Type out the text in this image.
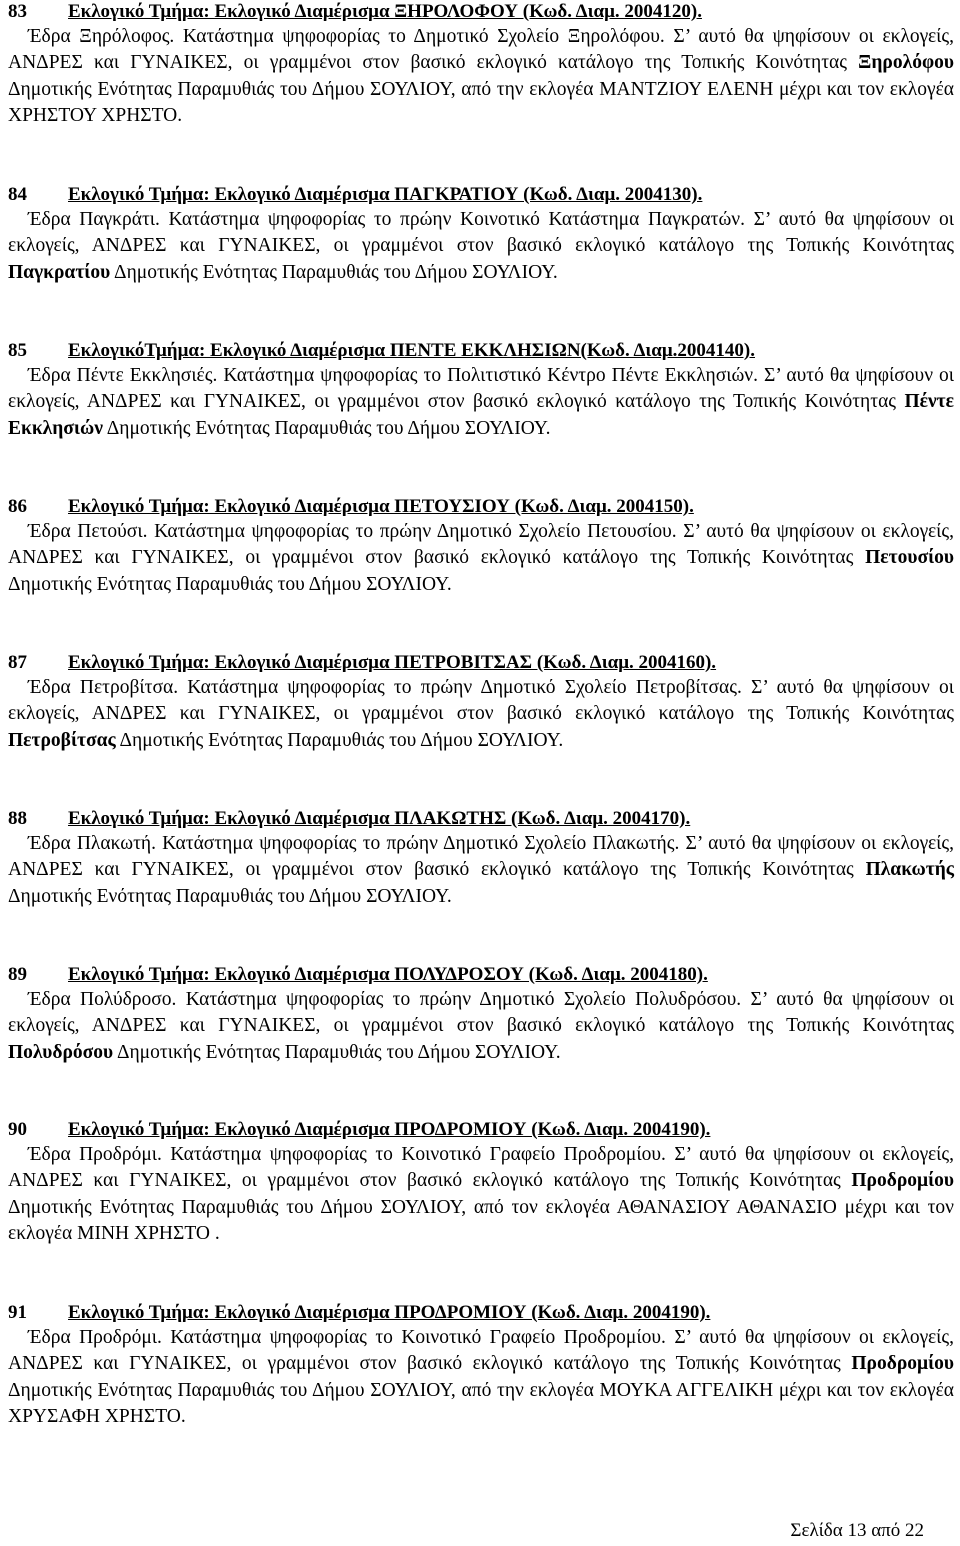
83 Εκλογικό Τμήμα: Εκλογικό Διαμέρισμα ΞΗΡΟΛΟΦΟΥ (Κωδ. Διαμ. 2004120).

Έδρα Ξηρόλοφος. Κατάστημα ψηφοφορίας το Δημοτικό Σχολείο Ξηρολόφου. Σ’ αυτό θα ψηφίσουν οι εκλογείς, ΑΝΔΡΕΣ και ΓΥΝΑΙΚΕΣ, οι γραμμένοι στον βασικό εκλογικό κατάλογο της Τοπικής Κοινότητας Ξηρολόφου Δημοτικής Ενότητας Παραμυθιάς του Δήμου ΣΟΥΛΙΟΥ, από την εκλογέα ΜΑΝΤΖΙΟΥ ΕΛΕΝΗ μέχρι και τον εκλογέα ΧΡΗΣΤΟΥ ΧΡΗΣΤΟ.

84 Εκλογικό Τμήμα: Εκλογικό Διαμέρισμα ΠΑΓΚΡΑΤΙΟΥ (Κωδ. Διαμ. 2004130).

Έδρα Παγκράτι. Κατάστημα ψηφοφορίας το πρώην Κοινοτικό Κατάστημα Παγκρατών. Σ’ αυτό θα ψηφίσουν οι εκλογείς, ΑΝΔΡΕΣ και ΓΥΝΑΙΚΕΣ, οι γραμμένοι στον βασικό εκλογικό κατάλογο της Τοπικής Κοινότητας Παγκρατίου Δημοτικής Ενότητας Παραμυθιάς του Δήμου ΣΟΥΛΙΟΥ.

85 ΕκλογικόΤμήμα: Εκλογικό Διαμέρισμα ΠΕΝΤΕ ΕΚΚΛΗΣΙΩΝ(Κωδ. Διαμ.2004140).

Έδρα Πέντε Εκκλησιές. Κατάστημα ψηφοφορίας το Πολιτιστικό Κέντρο Πέντε Εκκλησιών. Σ’ αυτό θα ψηφίσουν οι εκλογείς, ΑΝΔΡΕΣ και ΓΥΝΑΙΚΕΣ, οι γραμμένοι στον βασικό εκλογικό κατάλογο της Τοπικής Κοινότητας Πέντε Εκκλησιών Δημοτικής Ενότητας Παραμυθιάς του Δήμου ΣΟΥΛΙΟΥ.

86 Εκλογικό Τμήμα: Εκλογικό Διαμέρισμα ΠΕΤΟΥΣΙΟΥ (Κωδ. Διαμ. 2004150).

Έδρα Πετούσι. Κατάστημα ψηφοφορίας το πρώην Δημοτικό Σχολείο Πετουσίου. Σ’ αυτό θα ψηφίσουν οι εκλογείς, ΑΝΔΡΕΣ και ΓΥΝΑΙΚΕΣ, οι γραμμένοι στον βασικό εκλογικό κατάλογο της Τοπικής Κοινότητας Πετουσίου Δημοτικής Ενότητας Παραμυθιάς του Δήμου ΣΟΥΛΙΟΥ.

87 Εκλογικό Τμήμα: Εκλογικό Διαμέρισμα ΠΕΤΡΟΒΙΤΣΑΣ (Κωδ. Διαμ. 2004160).

Έδρα Πετροβίτσα. Κατάστημα ψηφοφορίας το πρώην Δημοτικό Σχολείο Πετροβίτσας. Σ’ αυτό θα ψηφίσουν οι εκλογείς, ΑΝΔΡΕΣ και ΓΥΝΑΙΚΕΣ, οι γραμμένοι στον βασικό εκλογικό κατάλογο της Τοπικής Κοινότητας Πετροβίτσας Δημοτικής Ενότητας Παραμυθιάς του Δήμου ΣΟΥΛΙΟΥ.

88 Εκλογικό Τμήμα: Εκλογικό Διαμέρισμα ΠΛΑΚΩΤΗΣ (Κωδ. Διαμ. 2004170).

Έδρα Πλακωτή. Κατάστημα ψηφοφορίας το πρώην Δημοτικό Σχολείο Πλακωτής. Σ’ αυτό θα ψηφίσουν οι εκλογείς, ΑΝΔΡΕΣ και ΓΥΝΑΙΚΕΣ, οι γραμμένοι στον βασικό εκλογικό κατάλογο της Τοπικής Κοινότητας Πλακωτής Δημοτικής Ενότητας Παραμυθιάς του Δήμου ΣΟΥΛΙΟΥ.

89 Εκλογικό Τμήμα: Εκλογικό Διαμέρισμα ΠΟΛΥΔΡΟΣΟΥ (Κωδ. Διαμ. 2004180).

Έδρα Πολύδροσο. Κατάστημα ψηφοφορίας το πρώην Δημοτικό Σχολείο Πολυδρόσου. Σ’ αυτό θα ψηφίσουν οι εκλογείς, ΑΝΔΡΕΣ και ΓΥΝΑΙΚΕΣ, οι γραμμένοι στον βασικό εκλογικό κατάλογο της Τοπικής Κοινότητας Πολυδρόσου Δημοτικής Ενότητας Παραμυθιάς του Δήμου ΣΟΥΛΙΟΥ.

90 Εκλογικό Τμήμα: Εκλογικό Διαμέρισμα ΠΡΟΔΡΟΜΙΟΥ (Κωδ. Διαμ. 2004190).

Έδρα Προδρόμι. Κατάστημα ψηφοφορίας το Κοινοτικό Γραφείο Προδρομίου. Σ’ αυτό θα ψηφίσουν οι εκλογείς, ΑΝΔΡΕΣ και ΓΥΝΑΙΚΕΣ, οι γραμμένοι στον βασικό εκλογικό κατάλογο της Τοπικής Κοινότητας Προδρομίου Δημοτικής Ενότητας Παραμυθιάς του Δήμου ΣΟΥΛΙΟΥ, από τον εκλογέα ΑΘΑΝΑΣΙΟΥ ΑΘΑΝΑΣΙΟ μέχρι και τον εκλογέα ΜΙΝΗ ΧΡΗΣΤΟ .

91 Εκλογικό Τμήμα: Εκλογικό Διαμέρισμα ΠΡΟΔΡΟΜΙΟΥ (Κωδ. Διαμ. 2004190).

Έδρα Προδρόμι. Κατάστημα ψηφοφορίας το Κοινοτικό Γραφείο Προδρομίου. Σ’ αυτό θα ψηφίσουν οι εκλογείς, ΑΝΔΡΕΣ και ΓΥΝΑΙΚΕΣ, οι γραμμένοι στον βασικό εκλογικό κατάλογο της Τοπικής Κοινότητας Προδρομίου Δημοτικής Ενότητας Παραμυθιάς του Δήμου ΣΟΥΛΙΟΥ, από την εκλογέα ΜΟΥΚΑ ΑΓΓΕΛΙΚΗ μέχρι και τον εκλογέα ΧΡΥΣΑΦΗ ΧΡΗΣΤΟ.

Σελίδα 13 από 22
